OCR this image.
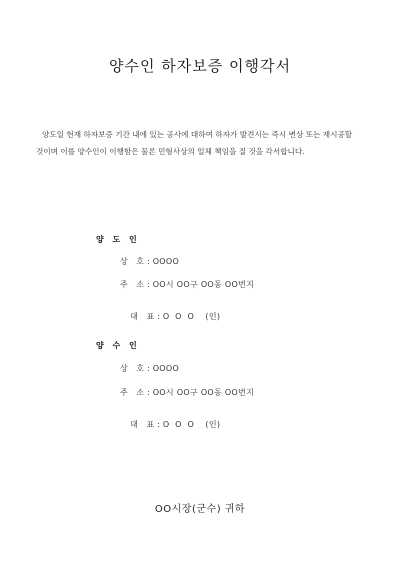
양수인 하자보증 이행각서
양도일 현재 하자보증 기간 내에 있는 공사에 대하여 하자가 발견시는 즉시 변상 또는 재시공할 것이며 이를 양수인이 이행함은 물론 민형사상의 일체 책임을 질 것을 각서합니다.
양 도 인
상 호: OOOO
주 소: OO시 OO구 OO동 OO번지

대 표: O  O  O    (인)

양 수 인
상 호: OOOO
주 소: OO시 OO구 OO동 OO번지

대 표: O  O  O    (인)

OO시장(군수) 귀하
